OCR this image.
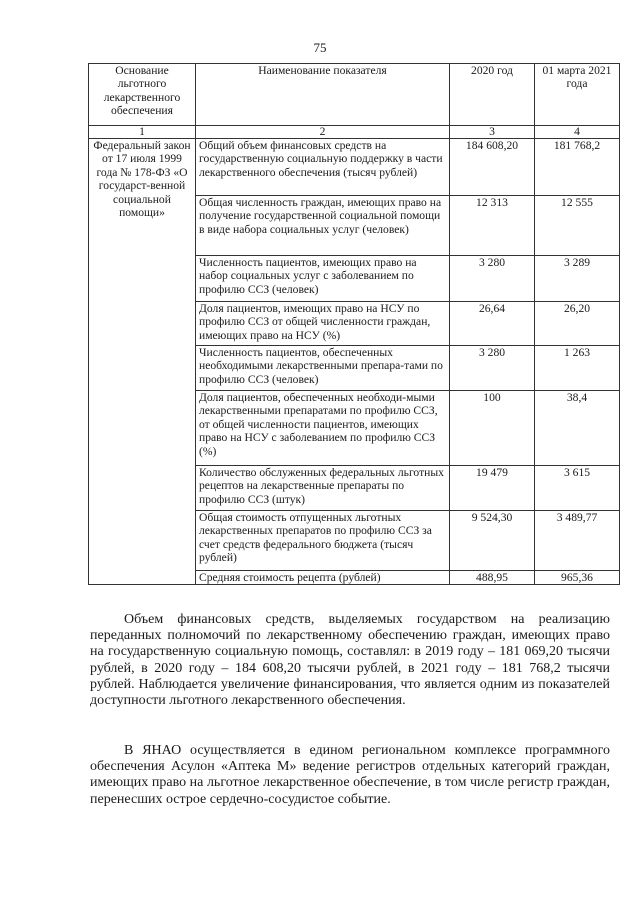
75
Основание льготного лекарственного обеспечения	Наименование показателя	2020 год	01 марта 2021 года
1	2	3	4
Федеральный закон от 17 июля 1999 года № 178-ФЗ «О государст-венной социальной помощи»	Общий объем финансовых средств на государственную социальную поддержку в части лекарственного обеспечения (тысяч рублей)	184 608,20	181 768,2
	Общая численность граждан, имеющих право на получение государственной социальной помощи в виде набора социальных услуг (человек)	12 313	12 555
	Численность пациентов, имеющих право на набор социальных услуг с заболеванием по профилю ССЗ (человек)	3 280	3 289
	Доля пациентов, имеющих право на НСУ по профилю ССЗ от общей численности граждан, имеющих право на НСУ (%)	26,64	26,20
	Численность пациентов, обеспеченных необходимыми лекарственными препара-тами по профилю ССЗ (человек)	3 280	1 263
	Доля пациентов, обеспеченных необходи-мыми лекарственными препаратами по профилю ССЗ, от общей численности пациентов, имеющих право на НСУ с заболеванием по профилю ССЗ (%)	100	38,4
	Количество обслуженных федеральных льготных рецептов на лекарственные препараты по профилю ССЗ (штук)	19 479	3 615
	Общая стоимость отпущенных льготных лекарственных препаратов по профилю ССЗ за счет средств федерального бюджета (тысяч рублей)	9 524,30	3 489,77
	Средняя стоимость рецепта (рублей)	488,95	965,36

Объем финансовых средств, выделяемых государством на реализацию переданных полномочий по лекарственному обеспечению граждан, имеющих право на государственную социальную помощь, составлял: в 2019 году – 181 069,20 тысячи рублей, в 2020 году – 184 608,20 тысячи рублей, в 2021 году – 181 768,2 тысячи рублей. Наблюдается увеличение финансирования, что является одним из показателей доступности льготного лекарственного обеспечения.

В ЯНАО осуществляется в едином региональном комплексе программного обеспечения Асулон «Аптека М» ведение регистров отдельных категорий граждан, имеющих право на льготное лекарственное обеспечение, в том числе регистр граждан, перенесших острое сердечно-сосудистое событие.
